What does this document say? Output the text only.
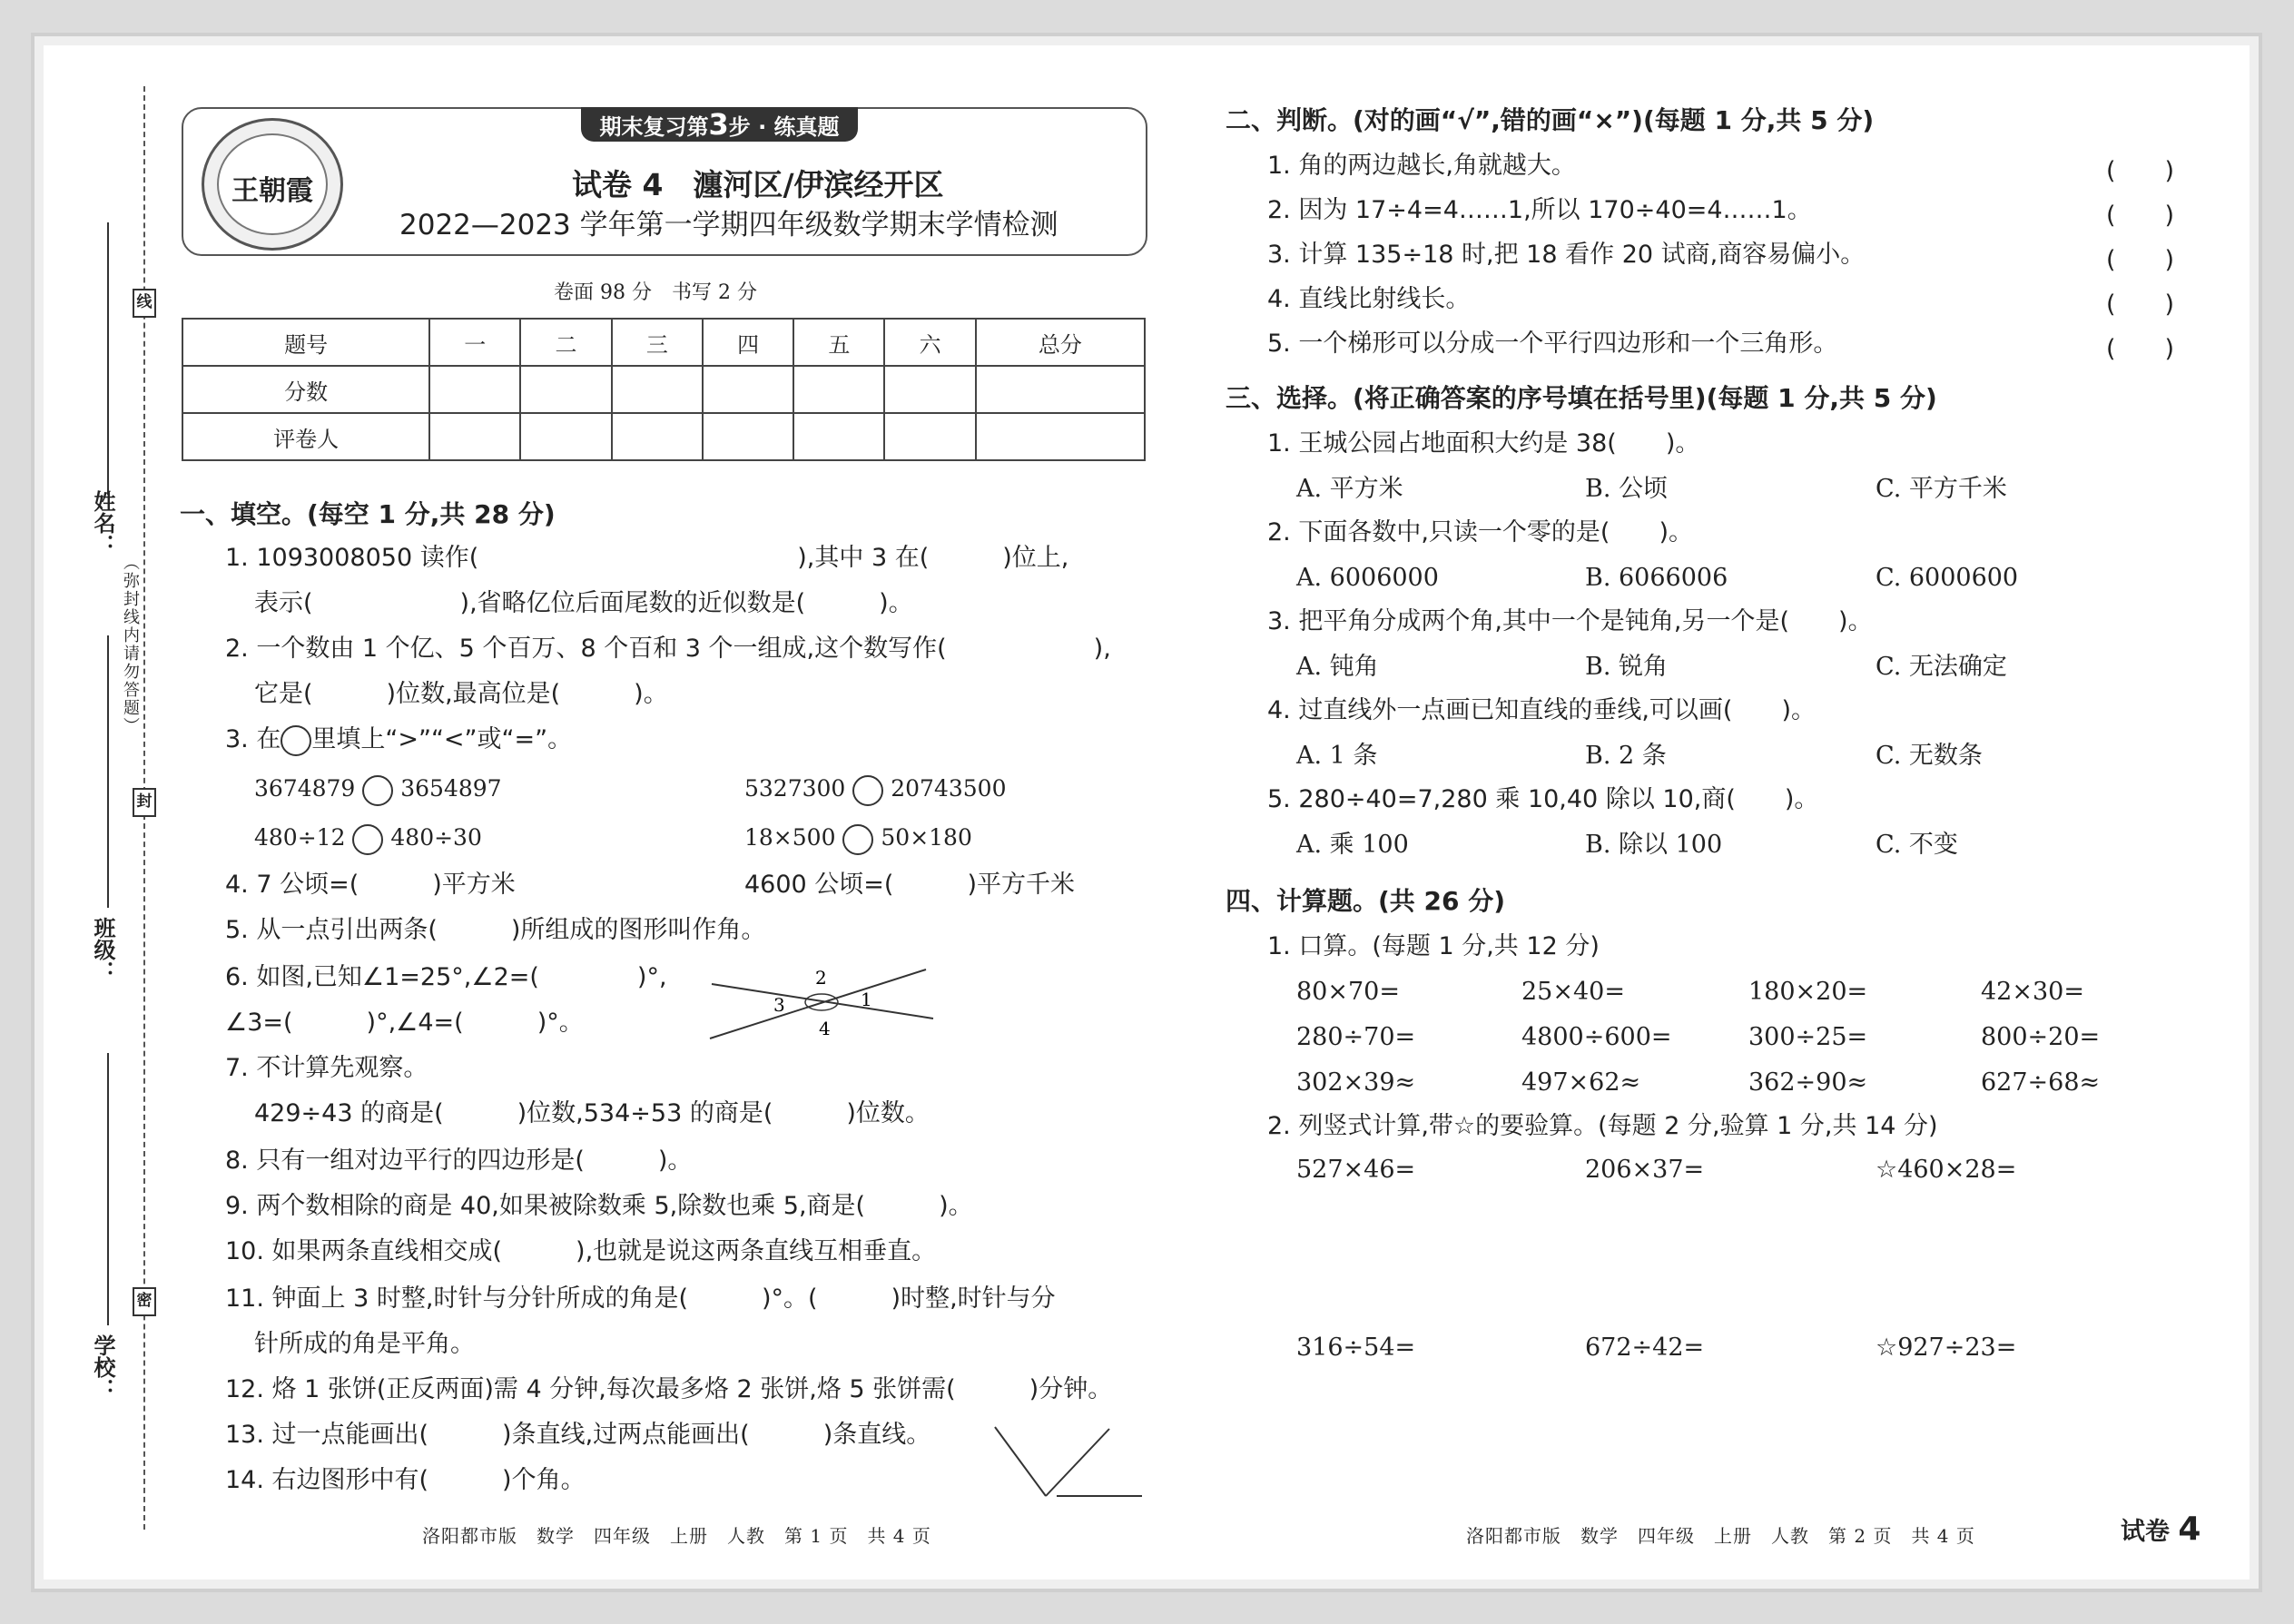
线
封
密
姓名：
班级：
学校：
（弥封线内请勿答题）
期末复习第3步 · 练真题
王朝霞	试卷 4　瀍河区/伊滨经开区
2022—2023 学年第一学期四年级数学期末学情检测
卷面 98 分　书写 2 分
题号	一	二	三	四	五	六	总分
分数							
评卷人							
一、填空。(每空 1 分,共 28 分)
1. 1093008050 读作(　　　　　　　　　　　　　),其中 3 在(　　　)位上,
表示(　　　　　　),省略亿位后面尾数的近似数是(　　　)。
2. 一个数由 1 个亿、5 个百万、8 个百和 3 个一组成,这个数写作(　　　　　　),
它是(　　　)位数,最高位是(　　　)。
3. 在 里填上“>”“<”或“=”。
3674879 3654897	5327300 20743500
480÷12 480÷30	18×500 50×180
4. 7 公顷=(　　　)平方米	4600 公顷=(　　　)平方千米
5. 从一点引出两条(　　　)所组成的图形叫作角。
6. 如图,已知∠1=25°,∠2=(　　　　)°,
∠3=(　　　)°,∠4=(　　　)°。
1
2
3
4
7. 不计算先观察。
429÷43 的商是(　　　)位数,534÷53 的商是(　　　)位数。
8. 只有一组对边平行的四边形是(　　　)。
9. 两个数相除的商是 40,如果被除数乘 5,除数也乘 5,商是(　　　)。
10. 如果两条直线相交成(　　　),也就是说这两条直线互相垂直。
11. 钟面上 3 时整,时针与分针所成的角是(　　　)°。(　　　)时整,时针与分
针所成的角是平角。
12. 烙 1 张饼(正反两面)需 4 分钟,每次最多烙 2 张饼,烙 5 张饼需(　　　)分钟。
13. 过一点能画出(　　　)条直线,过两点能画出(　　　)条直线。
14. 右边图形中有(　　　)个角。
洛阳都市版　数学　四年级　上册　人教　第 1 页　共 4 页
二、判断。(对的画“√”,错的画“×”)(每题 1 分,共 5 分)
1. 角的两边越长,角就越大。
2. 因为 17÷4=4……1,所以 170÷40=4……1。
3. 计算 135÷18 时,把 18 看作 20 试商,商容易偏小。
4. 直线比射线长。
5. 一个梯形可以分成一个平行四边形和一个三角形。
(　　)
(　　)
(　　)
(　　)
(　　)
三、选择。(将正确答案的序号填在括号里)(每题 1 分,共 5 分)
1. 王城公园占地面积大约是 38(　　)。
A. 平方米	B. 公顷	C. 平方千米
2. 下面各数中,只读一个零的是(　　)。
A. 6006000	B. 6066006	C. 6000600
3. 把平角分成两个角,其中一个是钝角,另一个是(　　)。
A. 钝角	B. 锐角	C. 无法确定
4. 过直线外一点画已知直线的垂线,可以画(　　)。
A. 1 条	B. 2 条	C. 无数条
5. 280÷40=7,280 乘 10,40 除以 10,商(　　)。
A. 乘 100	B. 除以 100	C. 不变
四、计算题。(共 26 分)
1. 口算。(每题 1 分,共 12 分)
80×70=	25×40=	180×20=	42×30=
280÷70=	4800÷600=	300÷25=	800÷20=
302×39≈	497×62≈	362÷90≈	627÷68≈
2. 列竖式计算,带☆的要验算。(每题 2 分,验算 1 分,共 14 分)
527×46=	206×37=	☆460×28=
316÷54=	672÷42=	☆927÷23=
洛阳都市版　数学　四年级　上册　人教　第 2 页　共 4 页	试卷 4
